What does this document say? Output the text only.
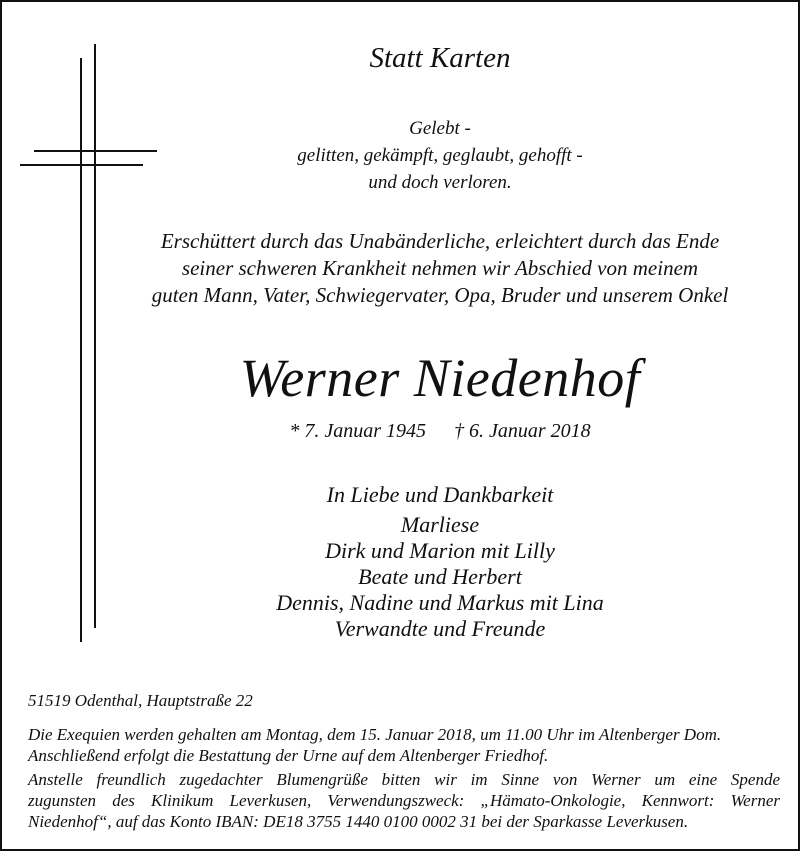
Statt Karten
Gelebt -
gelitten, gekämpft, geglaubt, gehofft -
und doch verloren.
Erschüttert durch das Unabänderliche, erleichtert durch das Ende
seiner schweren Krankheit nehmen wir Abschied von meinem
guten Mann, Vater, Schwiegervater, Opa, Bruder und unserem Onkel
Werner Niedenhof
* 7. Januar 1945 † 6. Januar 2018
In Liebe und Dankbarkeit
Marliese
Dirk und Marion mit Lilly
Beate und Herbert
Dennis, Nadine und Markus mit Lina
Verwandte und Freunde
51519 Odenthal, Hauptstraße 22
Die Exequien werden gehalten am Montag, dem 15. Januar 2018, um 11.00 Uhr im Altenberger Dom.
Anschließend erfolgt die Bestattung der Urne auf dem Altenberger Friedhof.
Anstelle freundlich zugedachter Blumengrüße bitten wir im Sinne von Werner um eine Spende
zugunsten des Klinikum Leverkusen, Verwendungszweck: „Hämato-Onkologie, Kennwort: Werner
Niedenhof“, auf das Konto IBAN: DE18 3755 1440 0100 0002 31 bei der Sparkasse Leverkusen.
